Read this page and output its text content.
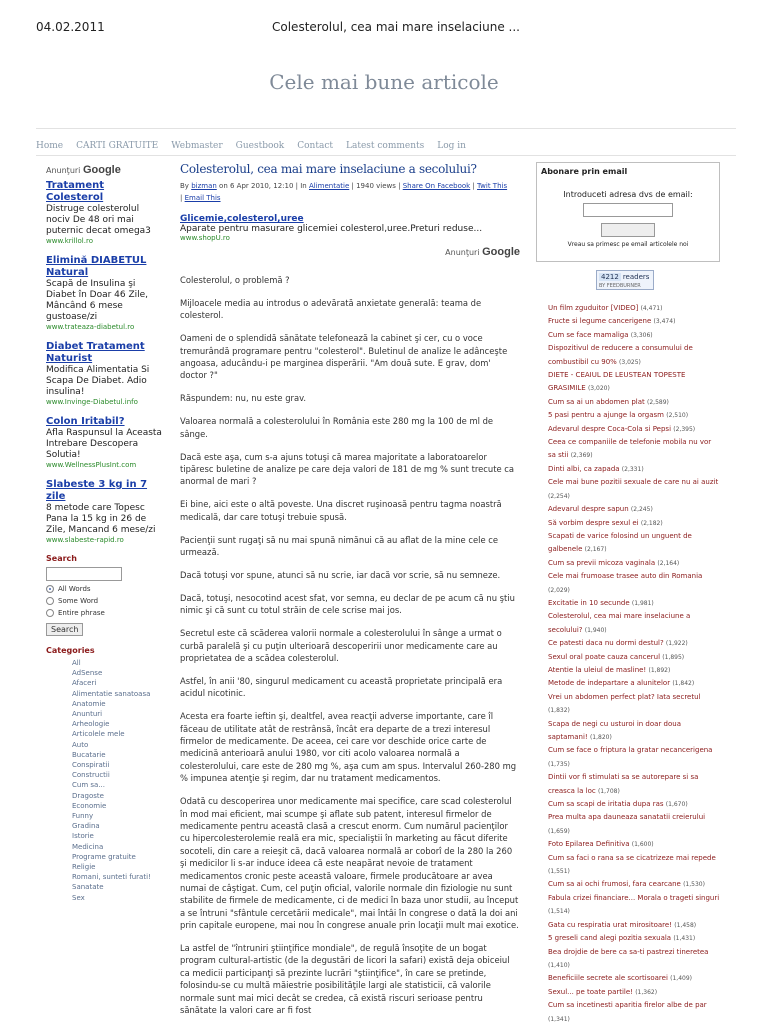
04.02.2011	Colesterolul, cea mai mare inselaciune ...
Cele mai bune articole
Home CARTI GRATUITE Webmaster Guestbook Contact Latest comments Log in
Anunţuri Google
Tratament Colesterol
Distruge colesterolul nociv De 48 ori mai puternic decat omega3
www.krillol.ro
Elimină DIABETUL Natural
Scapă de Insulina şi Diabet în Doar 46 Zile, Mâncând 6 mese gustoase/zi
www.trateaza-diabetul.ro
Diabet Tratament Naturist
Modifica Alimentatia Si Scapa De Diabet. Adio insulina!
www.Invinge-Diabetul.info
Colon Iritabil?
Afla Raspunsul la Aceasta Intrebare Descopera Solutia!
www.WellnessPlusInt.com
Slabeste 3 kg in 7 zile
8 metode care Topesc Pana la 15 kg in 26 de Zile, Mancand 6 mese/zi
www.slabeste-rapid.ro
Search
All Words
Some Word
Entire phrase
Search
Categories
All
AdSense
Afaceri
Alimentatie sanatoasa
Anatomie
Anunturi
Arheologie
Articolele mele
Auto
Bucatarie
Conspiratii
Constructii
Cum sa...
Dragoste
Economie
Funny
Gradina
Istorie
Medicina
Programe gratuite
Religie
Romani, sunteti furati!
Sanatate
Sex
Colesterolul, cea mai mare inselaciune a secolului?
By bizman on 6 Apr 2010, 12:10 | In Alimentatie | 1940 views | Share On Facebook | Twit This
| Email This
Glicemie,colesterol,uree
Aparate pentru masurare glicemiei colesterol,uree.Preturi reduse...
www.shopU.ro
Anunţuri Google

Colesterolul, o problemă ?

Mijloacele media au introdus o adevărată anxietate generală: teama de colesterol.

Oameni de o splendidă sănătate telefonează la cabinet şi cer, cu o voce tremurândă programare pentru "colesterol". Buletinul de analize le adânceşte angoasa, aducându-i pe marginea disperării. "Am două sute. E grav, dom' doctor ?"

Răspundem: nu, nu este grav.

Valoarea normală a colesterolului în România este 280 mg la 100 de ml de sânge.

Dacă este aşa, cum s-a ajuns totuşi că marea majoritate a laboratoarelor tipăresc buletine de analize pe care deja valori de 181 de mg % sunt trecute ca anormal de mari ?

Ei bine, aici este o altă poveste. Una discret ruşinoasă pentru tagma noastră medicală, dar care totuşi trebuie spusă.

Pacienţii sunt rugaţi să nu mai spună nimănui că au aflat de la mine cele ce urmează.

Dacă totuşi vor spune, atunci să nu scrie, iar dacă vor scrie, să nu semneze.

Dacă, totuşi, nesocotind acest sfat, vor semna, eu declar de pe acum că nu ştiu nimic şi că sunt cu totul străin de cele scrise mai jos.

Secretul este că scăderea valorii normale a colesterolului în sânge a urmat o curbă paralelă şi cu puţin ulterioară descoperirii unor medicamente care au proprietatea de a scădea colesterolul.

Astfel, în anii '80, singurul medicament cu această proprietate principală era acidul nicotinic.

Acesta era foarte ieftin şi, dealtfel, avea reacţii adverse importante, care îl făceau de utilitate atât de restrânsă, încât era departe de a trezi interesul firmelor de medicamente. De aceea, cei care vor deschide orice carte de medicină anterioară anului 1980, vor citi acolo valoarea normală a colesterolului, care este de 280 mg %, aşa cum am spus. Intervalul 260-280 mg % impunea atenţie şi regim, dar nu tratament medicamentos.

Odată cu descoperirea unor medicamente mai specifice, care scad colesterolul în mod mai eficient, mai scumpe şi aflate sub patent, interesul firmelor de medicamente pentru această clasă a crescut enorm. Cum numărul pacienţilor cu hipercolesterolemie reală era mic, specialiştii în marketing au făcut diferite socoteli, din care a reieşit că, dacă valoarea normală ar coborî de la 280 la 260 şi medicilor li s-ar induce ideea că este neapărat nevoie de tratament medicamentos cronic peste această valoare, firmele producătoare ar avea numai de câştigat. Cum, cel puţin oficial, valorile normale din fiziologie nu sunt stabilite de firmele de medicamente, ci de medici în baza unor studii, au început a se întruni "sfântule cercetării medicale", mai întâi în congrese o dată la doi ani prin capitale europene, mai nou în congrese anuale prin locaţii mult mai exotice.

La astfel de "întruniri ştiinţifice mondiale", de regulă însoţite de un bogat program cultural-artistic (de la degustări de licori la safari) există deja obiceiul ca medicii participanţi să prezinte lucrări "ştiinţifice", în care se pretinde, folosindu-se cu multă măiestrie posibilităţile largi ale statisticii, că valorile normale sunt mai mici decât se credea, că există riscuri serioase pentru sănătate la valori care ar fi fost

Abonare prin email
Introduceti adresa dvs de email:
Vreau sa primesc pe email articolele noi
4212 readers
BY FEEDBURNER
Un film zguduitor [VIDEO] (4,471)
Fructe si legume cancerigene (3,474)
Cum se face mamaliga (3,306)
Dispozitivul de reducere a consumului de combustibil cu 90% (3,025)
DIETE - CEAIUL DE LEUSTEAN TOPESTE GRASIMILE (3,020)
Cum sa ai un abdomen plat (2,589)
5 pasi pentru a ajunge la orgasm (2,510)
Adevarul despre Coca-Cola si Pepsi (2,395)
Ceea ce companiile de telefonie mobila nu vor sa stii (2,369)
Dinti albi, ca zapada (2,331)
Cele mai bune pozitii sexuale de care nu ai auzit (2,254)
Adevarul despre sapun (2,245)
Să vorbim despre sexul ei (2,182)
Scapati de varice folosind un unguent de galbenele (2,167)
Cum sa previi micoza vaginala (2,164)
Cele mai frumoase trasee auto din Romania (2,029)
Excitatie in 10 secunde (1,981)
Colesterolul, cea mai mare inselaciune a secolului? (1,940)
Ce patesti daca nu dormi destul? (1,922)
Sexul oral poate cauza cancerul (1,895)
Atentie la uleiul de masline! (1,892)
Metode de indepartare a alunitelor (1,842)
Vrei un abdomen perfect plat? Iata secretul (1,832)
Scapa de negi cu usturoi in doar doua saptamani! (1,820)
Cum se face o friptura la gratar necancerigena (1,735)
Dintii vor fi stimulati sa se autorepare si sa creasca la loc (1,708)
Cum sa scapi de iritatia dupa ras (1,670)
Prea multa apa dauneaza sanatatii creierului (1,659)
Foto Epilarea Definitiva (1,600)
Cum sa faci o rana sa se cicatrizeze mai repede (1,551)
Cum sa ai ochi frumosi, fara cearcane (1,530)
Fabula crizei financiare... Morala o trageti singuri (1,514)
Gata cu respiratia urat mirositoare! (1,458)
5 greseli cand alegi pozitia sexuala (1,431)
Bea drojdie de bere ca sa-ti pastrezi tineretea (1,410)
Beneficiile secrete ale scortisoarei (1,409)
Sexul... pe toate partile! (1,362)
Cum sa incetinesti aparitia firelor albe de par (1,341)
